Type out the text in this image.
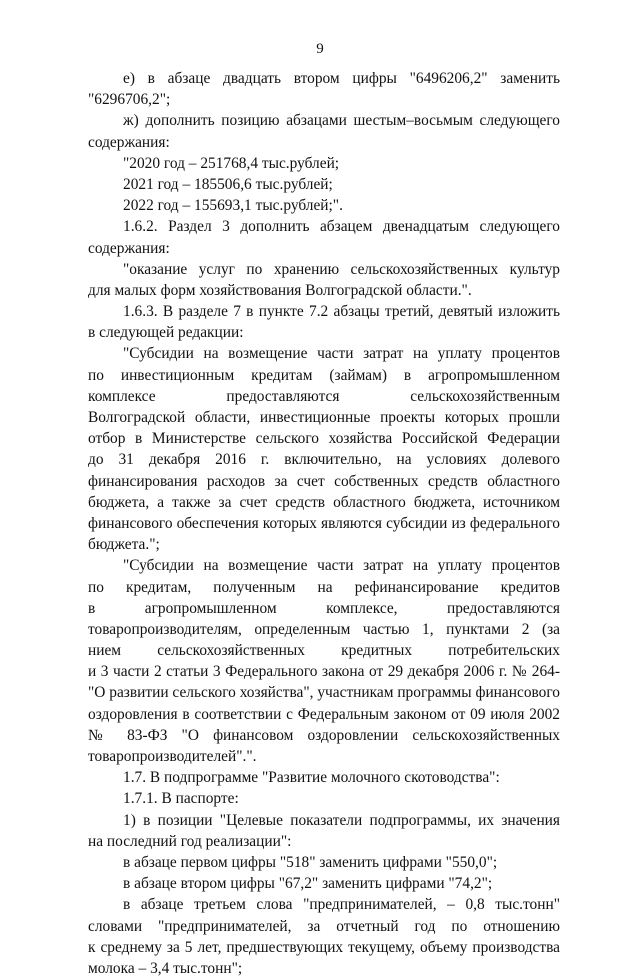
9
е) в абзаце двадцать втором цифры "6496206,2" заменить
"6296706,2";
ж) дополнить позицию абзацами шестым–восьмым следующего
содержания:
"2020 год – 251768,4 тыс.рублей;
2021 год – 185506,6 тыс.рублей;
2022 год – 155693,1 тыс.рублей;".
1.6.2. Раздел 3 дополнить абзацем двенадцатым следующего
содержания:
"оказание услуг по хранению сельскохозяйственных культур
для малых форм хозяйствования Волгоградской области.".
1.6.3. В разделе 7 в пункте 7.2 абзацы третий, девятый изложить
в следующей редакции:
"Субсидии на возмещение части затрат на уплату процентов
по инвестиционным кредитам (займам) в агропромышленном
комплексе предоставляются сельскохозяйственным
Волгоградской области, инвестиционные проекты которых прошли
отбор в Министерстве сельского хозяйства Российской Федерации
до 31 декабря 2016 г. включительно, на условиях долевого
финансирования расходов за счет собственных средств областного
бюджета, а также за счет средств областного бюджета, источником
финансового обеспечения которых являются субсидии из федерального
бюджета.";
"Субсидии на возмещение части затрат на уплату процентов
по кредитам, полученным на рефинансирование кредитов
в агропромышленном комплексе, предоставляются
товаропроизводителям, определенным частью 1, пунктами 2 (за
нием сельскохозяйственных кредитных потребительских
и 3 части 2 статьи 3 Федерального закона от 29 декабря 2006 г. № 264-
"О развитии сельского хозяйства", участникам программы финансового
оздоровления в соответствии с Федеральным законом от 09 июля 2002
№ 83-ФЗ "О финансовом оздоровлении сельскохозяйственных
товаропроизводителей".".
1.7. В подпрограмме "Развитие молочного скотоводства":
1.7.1. В паспорте:
1) в позиции "Целевые показатели подпрограммы, их значения
на последний год реализации":
в абзаце первом цифры "518" заменить цифрами "550,0";
в абзаце втором цифры "67,2" заменить цифрами "74,2";
в абзаце третьем слова "предпринимателей, – 0,8 тыс.тонн"
словами "предпринимателей, за отчетный год по отношению
к среднему за 5 лет, предшествующих текущему, объему производства
молока – 3,4 тыс.тонн";
